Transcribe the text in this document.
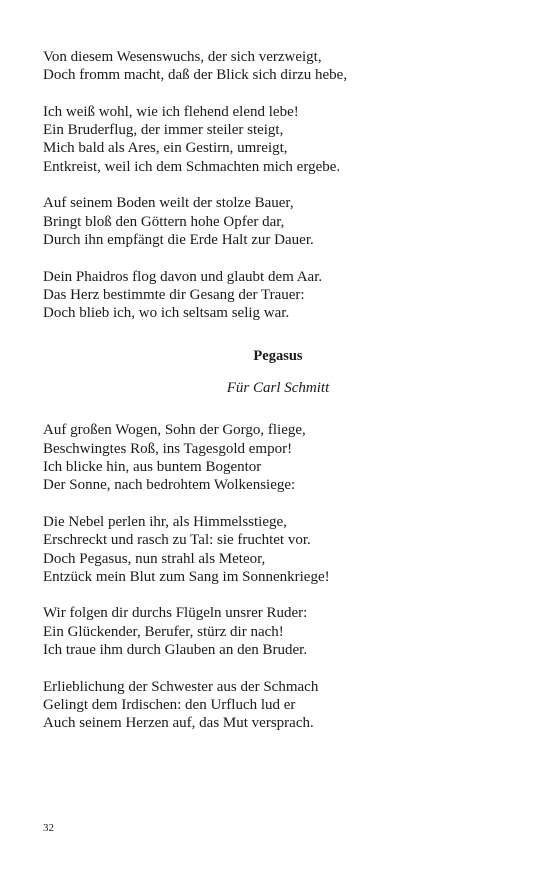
Von diesem Wesenswuchs, der sich verzweigt,
Doch fromm macht, daß der Blick sich dirzu hebe,
Ich weiß wohl, wie ich flehend elend lebe!
Ein Bruderflug, der immer steiler steigt,
Mich bald als Ares, ein Gestirn, umreigt,
Entkreist, weil ich dem Schmachten mich ergebe.
Auf seinem Boden weilt der stolze Bauer,
Bringt bloß den Göttern hohe Opfer dar,
Durch ihn empfängt die Erde Halt zur Dauer.
Dein Phaidros flog davon und glaubt dem Aar.
Das Herz bestimmte dir Gesang der Trauer:
Doch blieb ich, wo ich seltsam selig war.
Pegasus
Für Carl Schmitt
Auf großen Wogen, Sohn der Gorgo, fliege,
Beschwingtes Roß, ins Tagesgold empor!
Ich blicke hin, aus buntem Bogentor
Der Sonne, nach bedrohtem Wolkensiege:
Die Nebel perlen ihr, als Himmelsstiege,
Erschreckt und rasch zu Tal: sie fruchtet vor.
Doch Pegasus, nun strahl als Meteor,
Entzück mein Blut zum Sang im Sonnenkriege!
Wir folgen dir durchs Flügeln unsrer Ruder:
Ein Glückender, Berufer, stürz dir nach!
Ich traue ihm durch Glauben an den Bruder.
Erlieblichung der Schwester aus der Schmach
Gelingt dem Irdischen: den Urfluch lud er
Auch seinem Herzen auf, das Mut versprach.
32
